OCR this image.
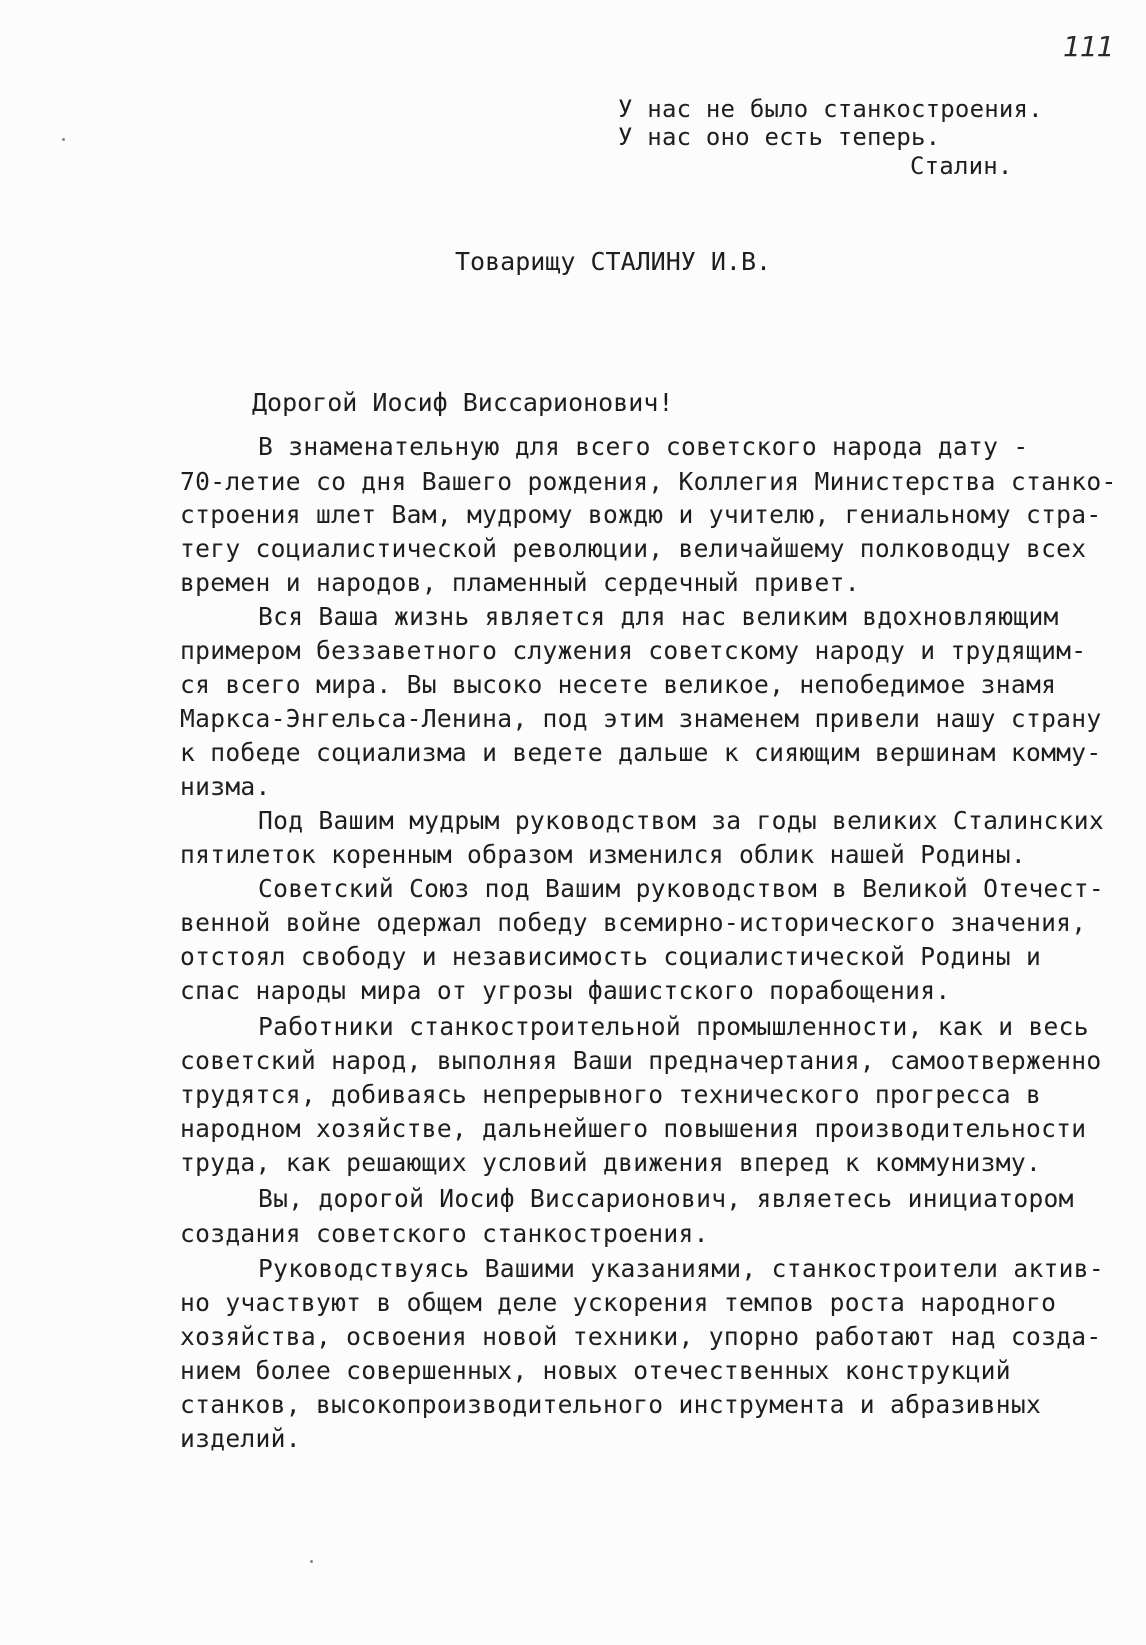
111
У нас не было станкостроения.
У нас оно есть теперь.
Сталин.
Товарищу СТАЛИНУ И.В.
Дорогой Иосиф Виссарионович!
В знаменательную для всего советского народа дату -
70-летие со дня Вашего рождения, Коллегия Министерства станко-
строения шлет Вам, мудрому вождю и учителю, гениальному стра-
тегу социалистической революции, величайшему полководцу всех
времен и народов, пламенный сердечный привет.
Вся Ваша жизнь является для нас великим вдохновляющим
примером беззаветного служения советскому народу и трудящим-
ся всего мира. Вы высоко несете великое, непобедимое знамя
Маркса-Энгельса-Ленина, под этим знаменем привели нашу страну
к победе социализма и ведете дальше к сияющим вершинам комму-
низма.
Под Вашим мудрым руководством за годы великих Сталинских
пятилеток коренным образом изменился облик нашей Родины.
Советский Союз под Вашим руководством в Великой Отечест-
венной войне одержал победу всемирно-исторического значения,
отстоял свободу и независимость социалистической Родины и
спас народы мира от угрозы фашистского порабощения.
Работники станкостроительной промышленности, как и весь
советский народ, выполняя Ваши предначертания, самоотверженно
трудятся, добиваясь непрерывного технического прогресса в
народном хозяйстве, дальнейшего повышения производительности
труда, как решающих условий движения вперед к коммунизму.
Вы, дорогой Иосиф Виссарионович, являетесь инициатором
создания советского станкостроения.
Руководствуясь Вашими указаниями, станкостроители актив-
но участвуют в общем деле ускорения темпов роста народного
хозяйства, освоения новой техники, упорно работают над созда-
нием более совершенных, новых отечественных конструкций
станков, высокопроизводительного инструмента и абразивных
изделий.
